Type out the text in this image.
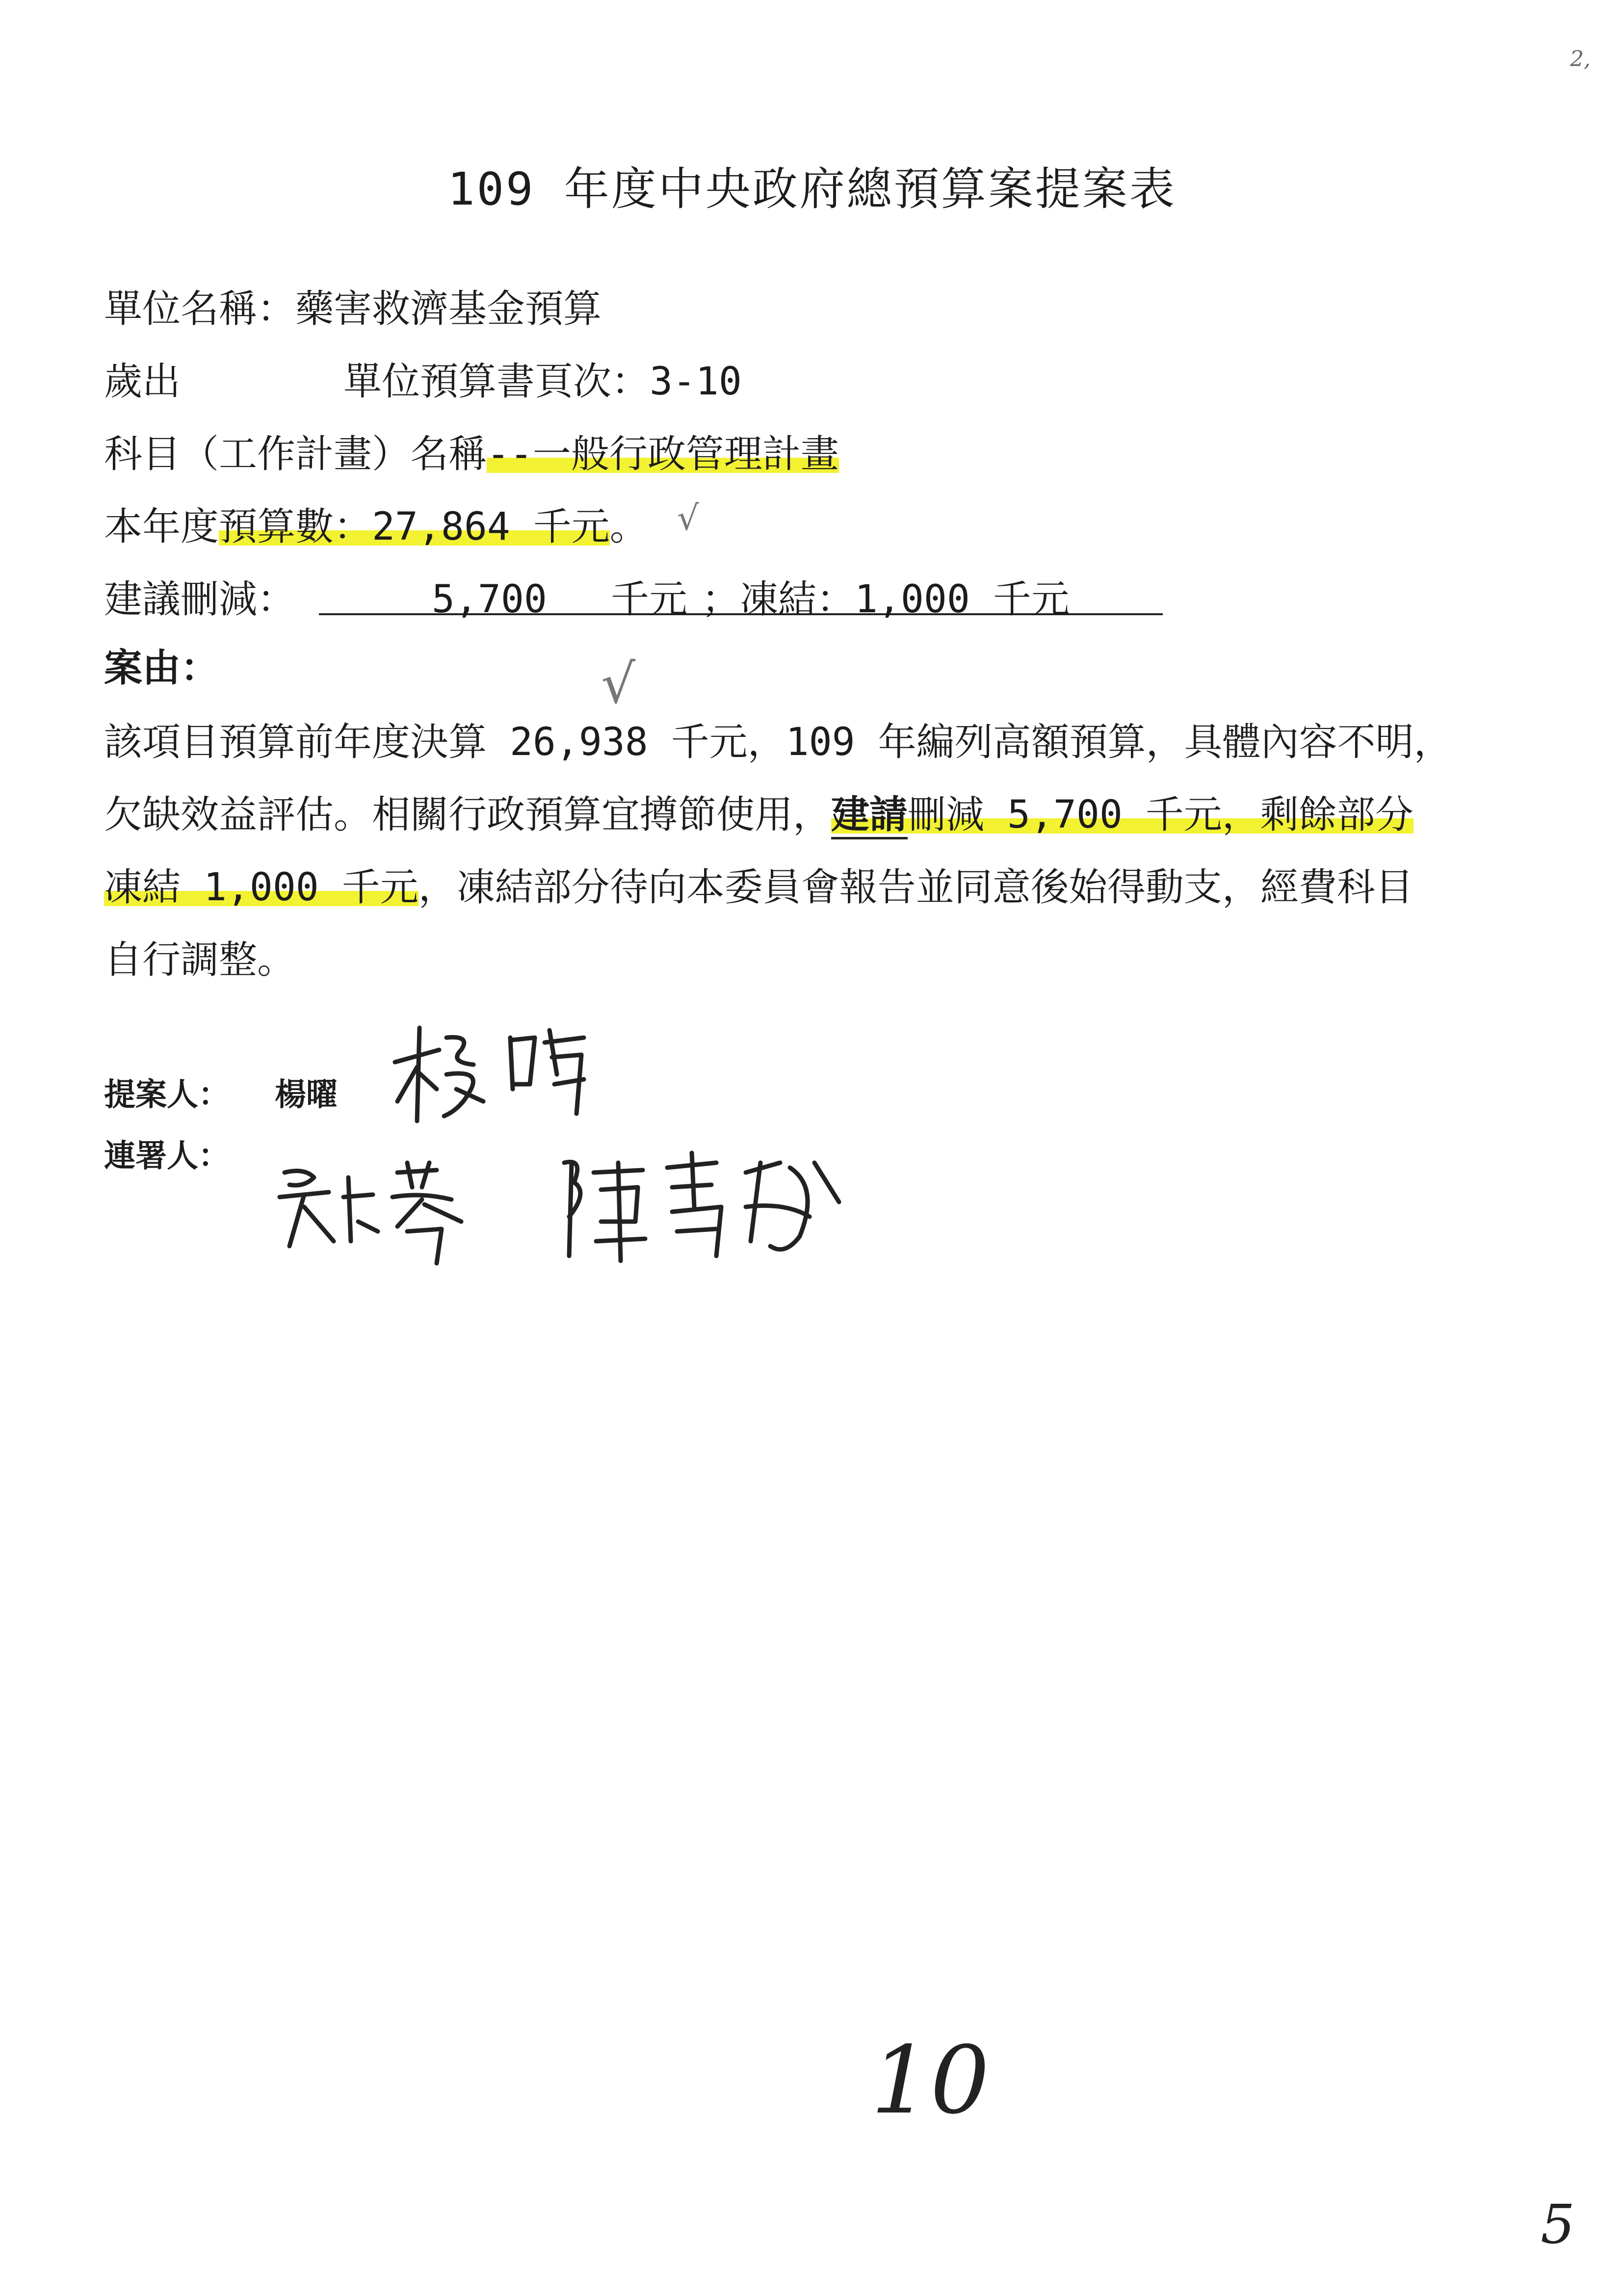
2,
109 年度中央政府總預算案提案表
單位名稱：藥害救濟基金預算
歲出	單位預算書頁次：3-10
科目（工作計畫）名稱--一般行政管理計畫
本年度預算數：27,864 千元。 √
建議刪減：	5,700 千元 ；凍結：1,000 千元
案由：	√
該項目預算前年度決算 26,938 千元，109 年編列高額預算，具體內容不明，
欠缺效益評估。相關行政預算宜撙節使用，建請刪減 5,700 千元，剩餘部分
凍結 1,000 千元，凍結部分待向本委員會報告並同意後始得動支，經費科目
自行調整。
提案人： 楊曜
連署人：
10
5
